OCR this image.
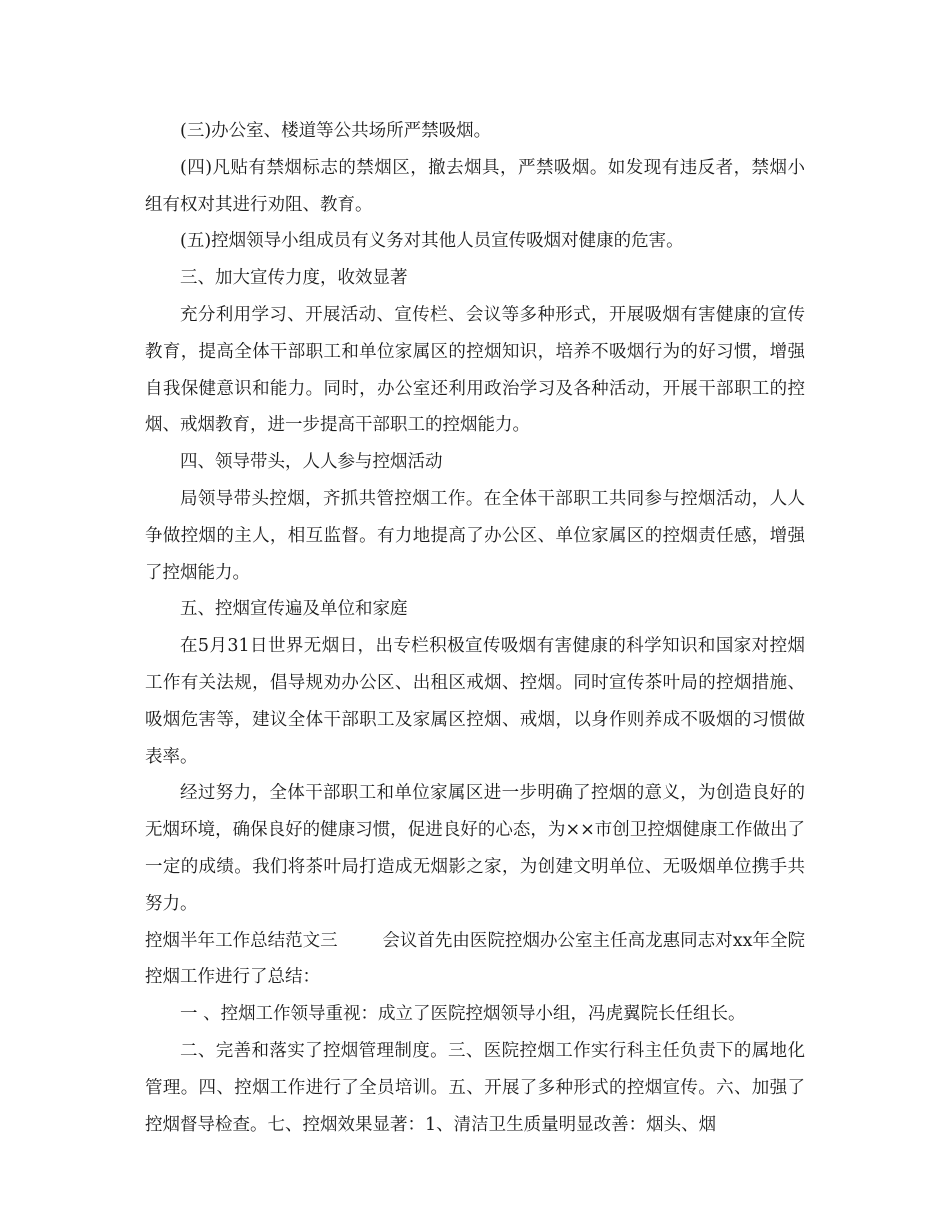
(三)办公室、楼道等公共场所严禁吸烟。

(四)凡贴有禁烟标志的禁烟区，撤去烟具，严禁吸烟。如发现有违反者，禁烟小组有权对其进行劝阻、教育。

(五)控烟领导小组成员有义务对其他人员宣传吸烟对健康的危害。

三、加大宣传力度，收效显著

充分利用学习、开展活动、宣传栏、会议等多种形式，开展吸烟有害健康的宣传教育，提高全体干部职工和单位家属区的控烟知识，培养不吸烟行为的好习惯，增强自我保健意识和能力。同时，办公室还利用政治学习及各种活动，开展干部职工的控烟、戒烟教育，进一步提高干部职工的控烟能力。

四、领导带头，人人参与控烟活动

局领导带头控烟，齐抓共管控烟工作。在全体干部职工共同参与控烟活动，人人争做控烟的主人，相互监督。有力地提高了办公区、单位家属区的控烟责任感，增强了控烟能力。

五、控烟宣传遍及单位和家庭

在5月31日世界无烟日，出专栏积极宣传吸烟有害健康的科学知识和国家对控烟工作有关法规，倡导规劝办公区、出租区戒烟、控烟。同时宣传茶叶局的控烟措施、吸烟危害等，建议全体干部职工及家属区控烟、戒烟，以身作则养成不吸烟的习惯做表率。

经过努力，全体干部职工和单位家属区进一步明确了控烟的意义，为创造良好的无烟环境，确保良好的健康习惯，促进良好的心态，为××市创卫控烟健康工作做出了一定的成绩。我们将茶叶局打造成无烟影之家，为创建文明单位、无吸烟单位携手共努力。

控烟半年工作总结范文三        会议首先由医院控烟办公室主任高龙惠同志对xx年全院控烟工作进行了总结：

一 、控烟工作领导重视：成立了医院控烟领导小组，冯虎翼院长任组长。

二、完善和落实了控烟管理制度。三、医院控烟工作实行科主任负责下的属地化管理。四、控烟工作进行了全员培训。五、开展了多种形式的控烟宣传。六、加强了控烟督导检查。七、控烟效果显著：1、清洁卫生质量明显改善：烟头、烟
